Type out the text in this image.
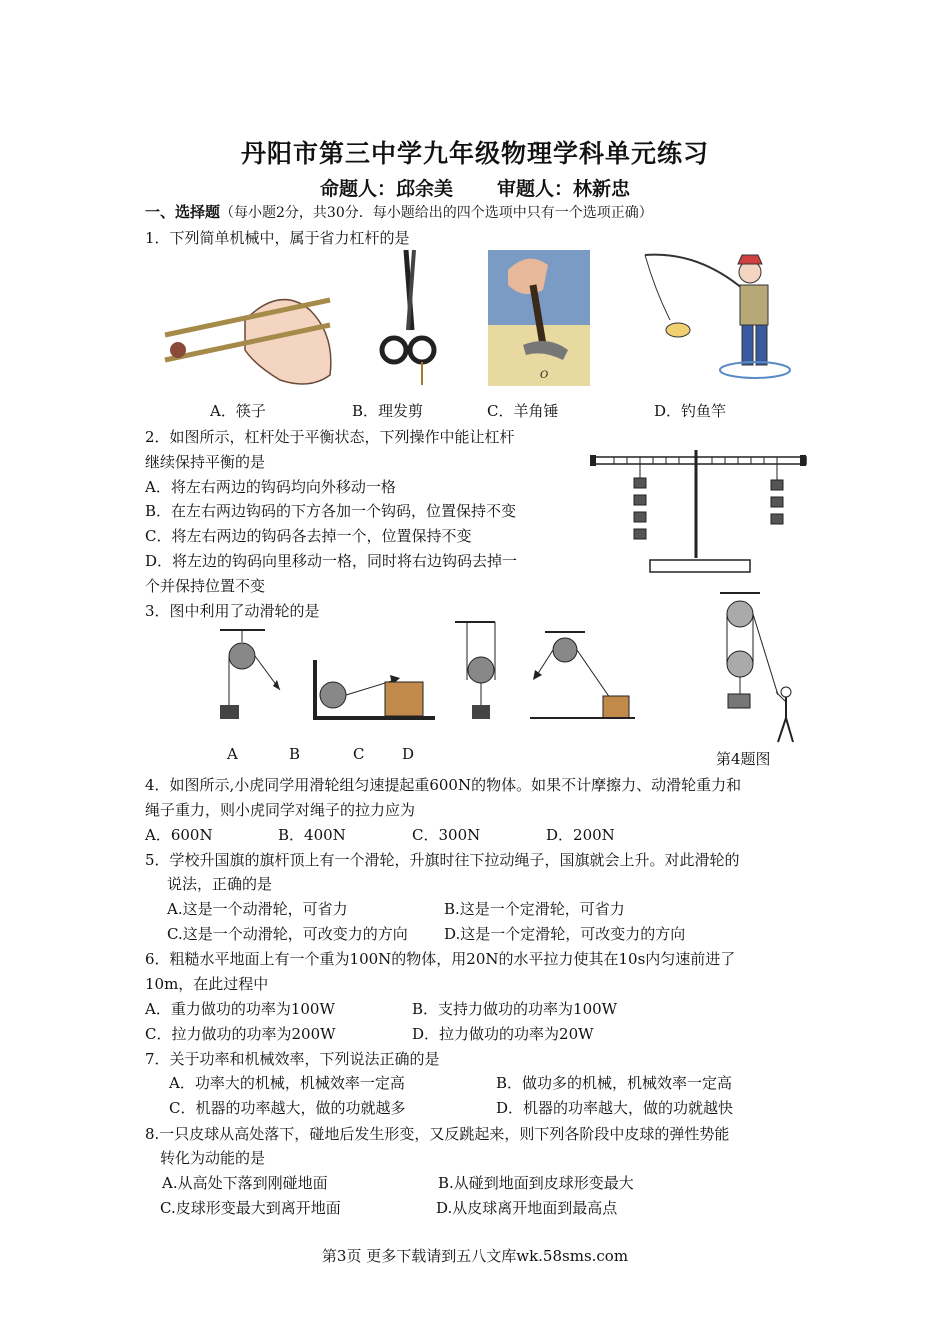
丹阳市第三中学九年级物理学科单元练习
命题人：邱余美 审题人：林新忠
一、选择题（每小题2分，共30分．每小题给出的四个选项中只有一个选项正确）
1．下列简单机械中，属于省力杠杆的是
O
A．筷子	B．理发剪	C．羊角锤	D．钓鱼竿
2．如图所示，杠杆处于平衡状态，下列操作中能让杠杆
继续保持平衡的是
A．将左右两边的钩码均向外移动一格
B．在左右两边钩码的下方各加一个钩码，位置保持不变
C．将左右两边的钩码各去掉一个，位置保持不变
D．将左边的钩码向里移动一格，同时将右边钩码去掉一
个并保持位置不变
3．图中利用了动滑轮的是
A	B	C	D	第4题图
4．如图所示,小虎同学用滑轮组匀速提起重600N的物体。如果不计摩擦力、动滑轮重力和
绳子重力，则小虎同学对绳子的拉力应为
A．600N	B．400N	C．300N	D．200N
5．学校升国旗的旗杆顶上有一个滑轮，升旗时往下拉动绳子，国旗就会上升。对此滑轮的
说法，正确的是
A.这是一个动滑轮，可省力	B.这是一个定滑轮，可省力
C.这是一个动滑轮，可改变力的方向 D.这是一个定滑轮，可改变力的方向
6．粗糙水平地面上有一个重为100N的物体，用20N的水平拉力使其在10s内匀速前进了
10m，在此过程中
A．重力做功的功率为100W	B．支持力做功的功率为100W
C．拉力做功的功率为200W	D．拉力做功的功率为20W
7．关于功率和机械效率，下列说法正确的是
A．功率大的机械，机械效率一定高	B．做功多的机械，机械效率一定高
C．机器的功率越大，做的功就越多	D．机器的功率越大，做的功就越快
8.一只皮球从高处落下，碰地后发生形变，又反跳起来，则下列各阶段中皮球的弹性势能
转化为动能的是
A.从高处下落到刚碰地面	B.从碰到地面到皮球形变最大
C.皮球形变最大到离开地面	D.从皮球离开地面到最高点
第3页 更多下载请到五八文库wk.58sms.com
